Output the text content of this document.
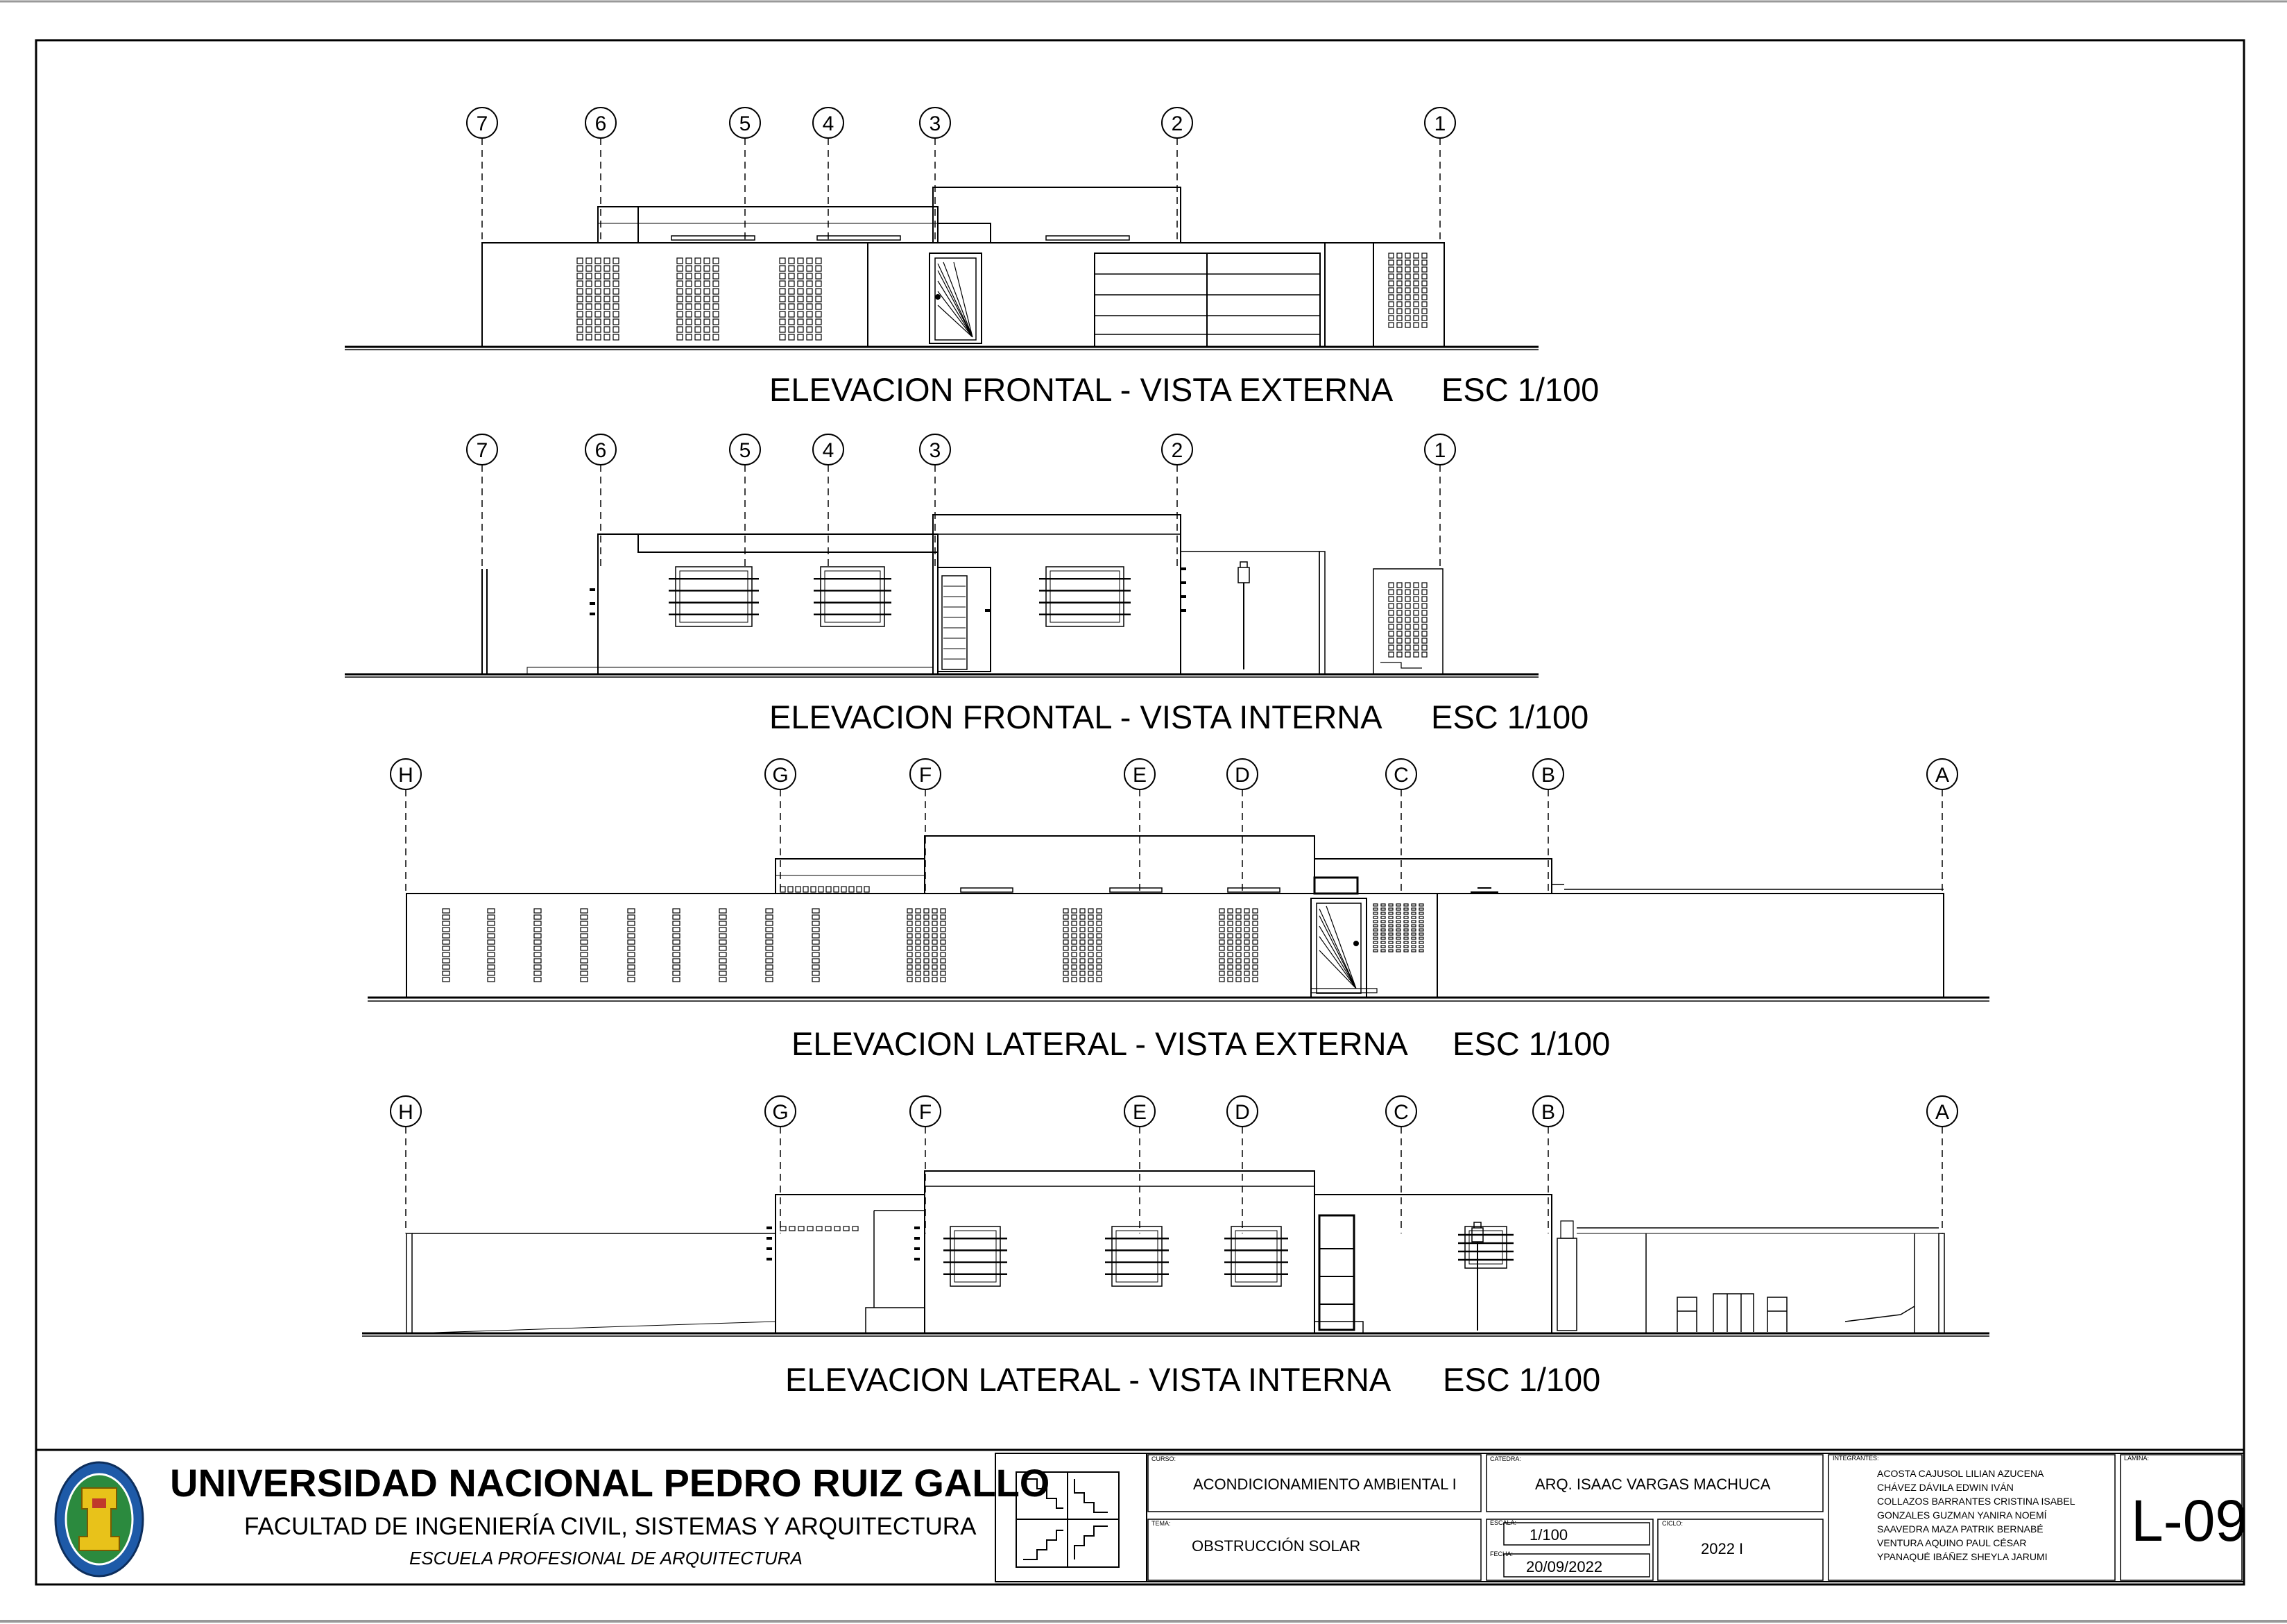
7	6	5	4	3	2	1
ELEVACION FRONTAL - VISTA EXTERNA ESC 1/100
7	6	5	4	3	2	1
ELEVACION FRONTAL - VISTA INTERNA ESC 1/100
H	G	F	E	D	C	B	A
ELEVACION LATERAL - VISTA EXTERNA ESC 1/100
H	G	F	E	D	C	B	A
ELEVACION LATERAL - VISTA INTERNA ESC 1/100
UNIVERSIDAD NACIONAL PEDRO RUIZ GALLO
FACULTAD DE INGENIERÍA CIVIL, SISTEMAS Y ARQUITECTURA
ESCUELA PROFESIONAL DE ARQUITECTURA
CURSO:
ACONDICIONAMIENTO AMBIENTAL I
CATEDRA:
ARQ. ISAAC VARGAS MACHUCA
TEMA:
OBSTRUCCIÓN SOLAR
ESCALA:
1/100
FECHA:
20/09/2022
CICLO:
2022 I
INTEGRANTES:
ACOSTA CAJUSOL LILIAN AZUCENA
CHÁVEZ DÁVILA EDWIN IVÁN
COLLAZOS BARRANTES CRISTINA ISABEL
GONZALES GUZMAN YANIRA NOEMÍ
SAAVEDRA MAZA PATRIK BERNABÉ
VENTURA AQUINO PAUL CÉSAR
YPANAQUÉ IBÁÑEZ SHEYLA JARUMI
LÁMINA:
L-09
